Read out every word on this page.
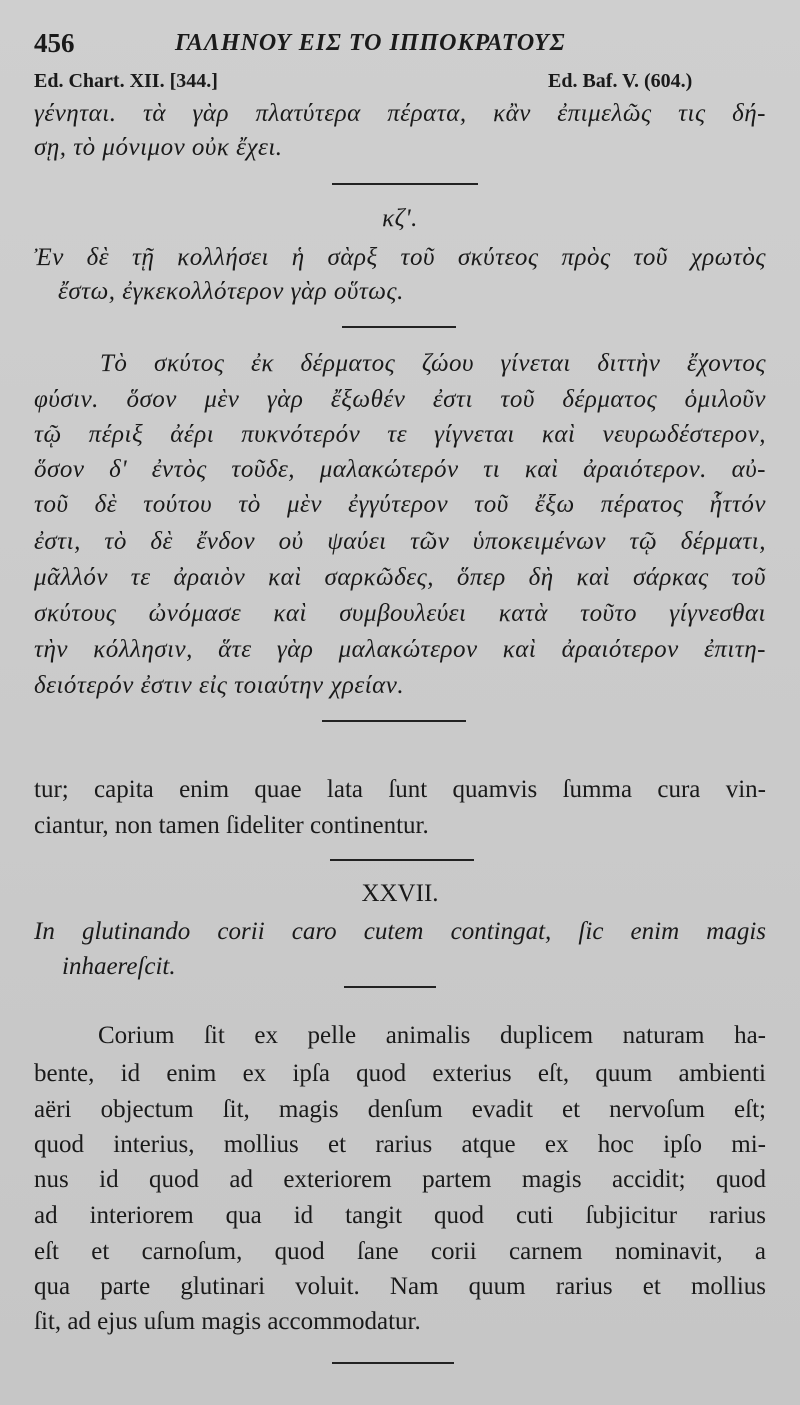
456	ΓΑΛΗΝΟΥ ΕΙΣ ΤΟ ΙΠΠΟΚΡΑΤΟΥΣ
Ed. Chart. XII. [344.]	Ed. Baf. V. (604.)
γένηται. τὰ γὰρ πλατύτερα πέρατα, κἂν ἐπιμελῶς τις δή-
σῃ, τὸ μόνιμον οὐκ ἔχει.
κζʹ.
Ἐν δὲ τῇ κολλήσει ἡ σὰρξ τοῦ σκύτεος πρὸς τοῦ χρωτὸς
ἔστω, ἐγκεκολλότερον γὰρ οὕτως.
Τὸ σκύτος ἐκ δέρματος ζώου γίνεται διττὴν ἔχοντος
φύσιν. ὅσον μὲν γὰρ ἔξωθέν ἐστι τοῦ δέρματος ὁμιλοῦν
τῷ πέριξ ἀέρι πυκνότερόν τε γίγνεται καὶ νευρωδέστερον,
ὅσον δ' ἐντὸς τοῦδε, μαλακώτερόν τι καὶ ἀραιότερον. αὐ-
τοῦ δὲ τούτου τὸ μὲν ἐγγύτερον τοῦ ἔξω πέρατος ἧττόν
ἐστι, τὸ δὲ ἔνδον οὐ ψαύει τῶν ὑποκειμένων τῷ δέρματι,
μᾶλλόν τε ἀραιὸν καὶ σαρκῶδες, ὅπερ δὴ καὶ σάρκας τοῦ
σκύτους ὠνόμασε καὶ συμβουλεύει κατὰ τοῦτο γίγνεσθαι
τὴν κόλλησιν, ἅτε γὰρ μαλακώτερον καὶ ἀραιότερον ἐπιτη-
δειότερόν ἐστιν εἰς τοιαύτην χρείαν.
tur; capita enim quae lata ſunt quamvis ſumma cura vin-
ciantur, non tamen ſideliter continentur.
XXVII.
In glutinando corii caro cutem contingat, ſic enim magis
inhaereſcit.
Corium ſit ex pelle animalis duplicem naturam ha-
bente, id enim ex ipſa quod exterius eſt, quum ambienti
aëri objectum ſit, magis denſum evadit et nervoſum eſt;
quod interius, mollius et rarius atque ex hoc ipſo mi-
nus id quod ad exteriorem partem magis accidit; quod
ad interiorem qua id tangit quod cuti ſubjicitur rarius
eſt et carnoſum, quod ſane corii carnem nominavit, a
qua parte glutinari voluit. Nam quum rarius et mollius
ſit, ad ejus uſum magis accommodatur.
